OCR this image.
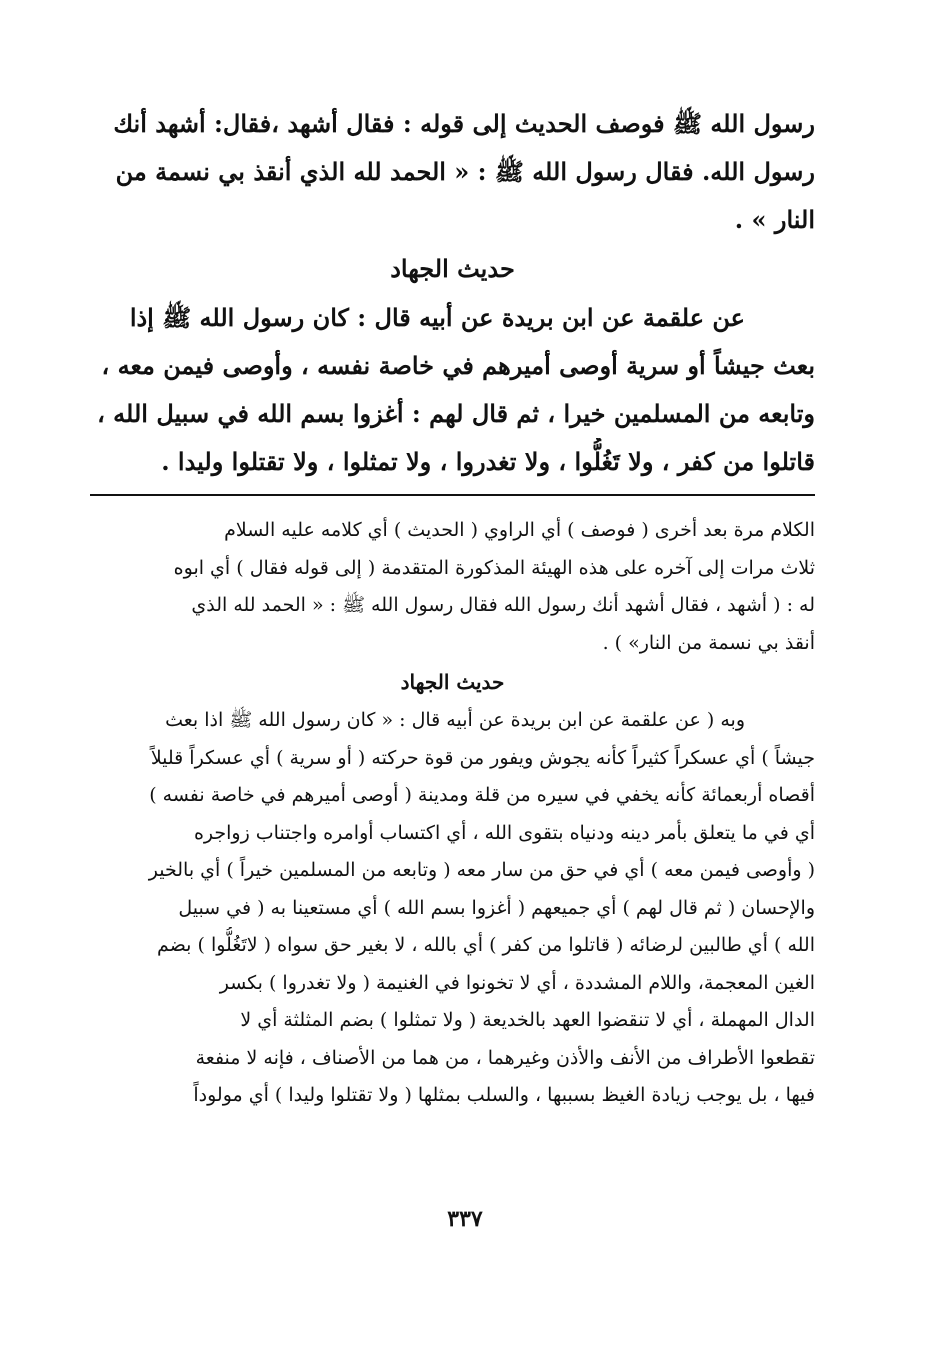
رسول الله ﷺ فوصف الحديث إلى قوله : فقال أشهد ،فقال: أشهد أنك
رسول الله. فقال رسول الله ﷺ : « الحمد لله الذي أنقذ بي نسمة من
النار » .
حديث الجهاد
عن علقمة عن ابن بريدة عن أبيه قال : كان رسول الله ﷺ إذا
بعث جيشاً أو سرية أوصى أميرهم في خاصة نفسه ، وأوصى فيمن معه ،
وتابعه من المسلمين خيرا ، ثم قال لهم : أغزوا بسم الله في سبيل الله ،
قاتلوا من كفر ، ولا تَغُلُّوا ، ولا تغدروا ، ولا تمثلوا ، ولا تقتلوا وليدا .
الكلام مرة بعد أخرى ( فوصف ) أي الراوي ( الحديث ) أي كلامه عليه السلام
ثلاث مرات إلى آخره على هذه الهيئة المذكورة المتقدمة ( إلى قوله فقال ) أي ابوه
له : ( أشهد ، فقال أشهد أنك رسول الله فقال رسول الله ﷺ : « الحمد لله الذي
أنقذ بي نسمة من النار» ) .
حديث الجهاد
وبه ( عن علقمة عن ابن بريدة عن أبيه قال : « كان رسول الله ﷺ اذا بعث
جيشاً ) أي عسكراً كثيراً كأنه يجوش ويفور من قوة حركته ( أو سرية ) أي عسكراً قليلاً
أقصاه أربعمائة كأنه يخفي في سيره من قلة ومدينة ( أوصى أميرهم في خاصة نفسه )
أي في ما يتعلق بأمر دينه ودنياه بتقوى الله ، أي اكتساب أوامره واجتناب زواجره
( وأوصى فيمن معه ) أي في حق من سار معه ( وتابعه من المسلمين خيراً ) أي بالخير
والإحسان ( ثم قال لهم ) أي جميعهم ( أغزوا بسم الله ) أي مستعينا به ( في سبيل
الله ) أي طالبين لرضائه ( قاتلوا من كفر ) أي بالله ، لا بغير حق سواه ( لاتَغُلُّوا ) بضم
الغين المعجمة، واللام المشددة ، أي لا تخونوا في الغنيمة ( ولا تغدروا ) بكسر
الدال المهملة ، أي لا تنقضوا العهد بالخديعة ( ولا تمثلوا ) بضم المثلثة أي لا
تقطعوا الأطراف من الأنف والأذن وغيرهما ، من هما من الأصناف ، فإنه لا منفعة
فيها ، بل يوجب زيادة الغيظ بسببها ، والسلب بمثلها ( ولا تقتلوا وليدا ) أي مولوداً
٣٣٧
